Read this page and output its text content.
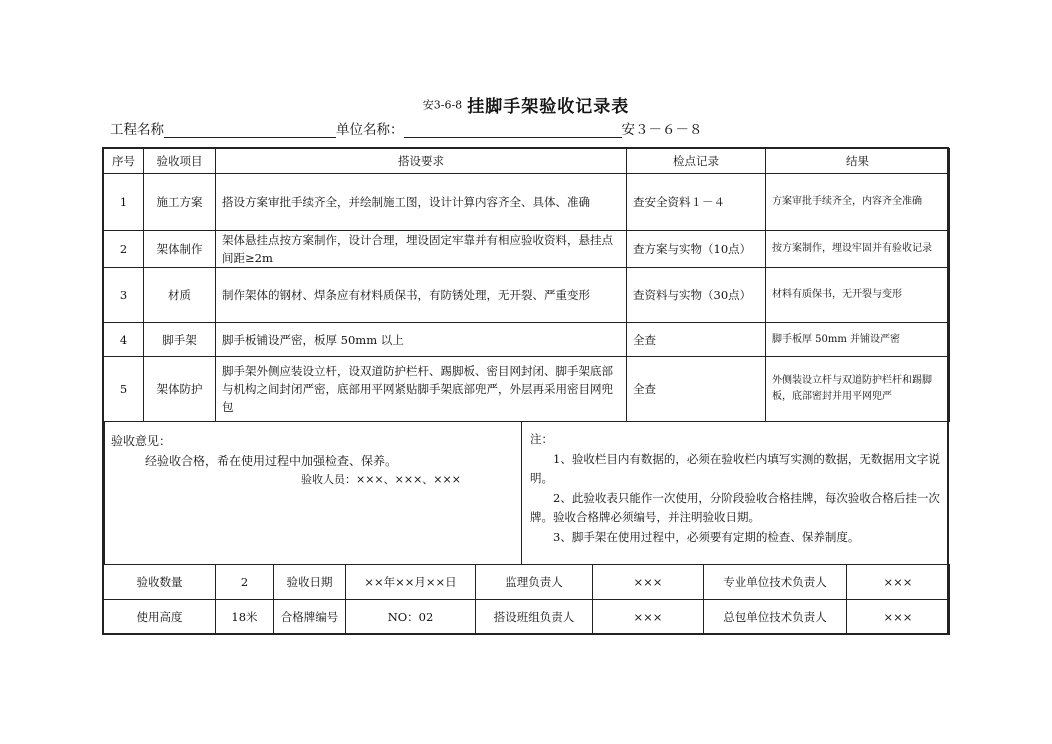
安3-6-8 挂脚手架验收记录表
工程名称	单位名称：	安３－６－８
序号	验收项目	搭设要求	检点记录	结果
1	施工方案	搭设方案审批手续齐全，并绘制施工图，设计计算内容齐全、具体、准确	查安全资料１－４	方案审批手续齐全，内容齐全准确
2	架体制作	架体悬挂点按方案制作，设计合理，埋设固定牢靠并有相应验收资料，悬挂点间距≥2m	查方案与实物（10点）	按方案制作，埋设牢固并有验收记录
3	材质	制作架体的钢材、焊条应有材料质保书，有防锈处理，无开裂、严重变形	查资料与实物（30点）	材料有质保书，无开裂与变形
4	脚手架	脚手板铺设严密，板厚 50mm 以上	全查	脚手板厚 50mm 并铺设严密
5	架体防护	脚手架外侧应装设立杆，设双道防护栏杆、踢脚板、密目网封闭、脚手架底部与机构之间封闭严密，底部用平网紧贴脚手架底部兜严，外层再采用密目网兜包	全查	外侧装设立杆与双道防护栏杆和踢脚板，底部密封并用平网兜严
验收意见：
经验收合格，希在使用过程中加强检查、保养。
验收人员：×××、×××、×××

注：

1、验收栏目内有数据的，必须在验收栏内填写实测的数据，无数据用文字说明。

2、此验收表只能作一次使用，分阶段验收合格挂牌，每次验收合格后挂一次牌。验收合格牌必须编号，并注明验收日期。

3、脚手架在使用过程中，必须要有定期的检查、保养制度。

验收数量	2	验收日期	××年××月××日	监理负责人	×××	专业单位技术负责人	×××
使用高度	18米	合格牌编号	NO：02	搭设班组负责人	×××	总包单位技术负责人	×××
